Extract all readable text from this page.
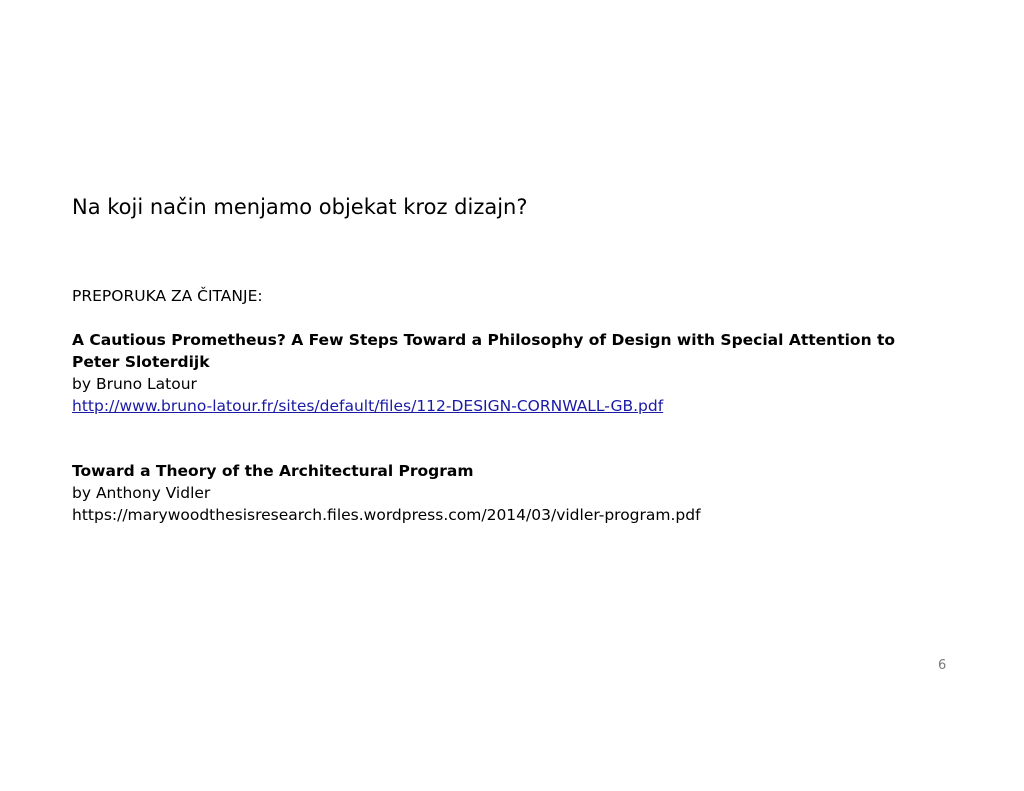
Na koji način menjamo objekat kroz dizajn?
PREPORUKA ZA ČITANJE:
A Cautious Prometheus? A Few Steps Toward a Philosophy of Design with Special Attention to Peter Sloterdijk
by Bruno Latour
http://www.bruno-latour.fr/sites/default/files/112-DESIGN-CORNWALL-GB.pdf
Toward a Theory of the Architectural Program
by Anthony Vidler
https://marywoodthesisresearch.files.wordpress.com/2014/03/vidler-program.pdf
6
